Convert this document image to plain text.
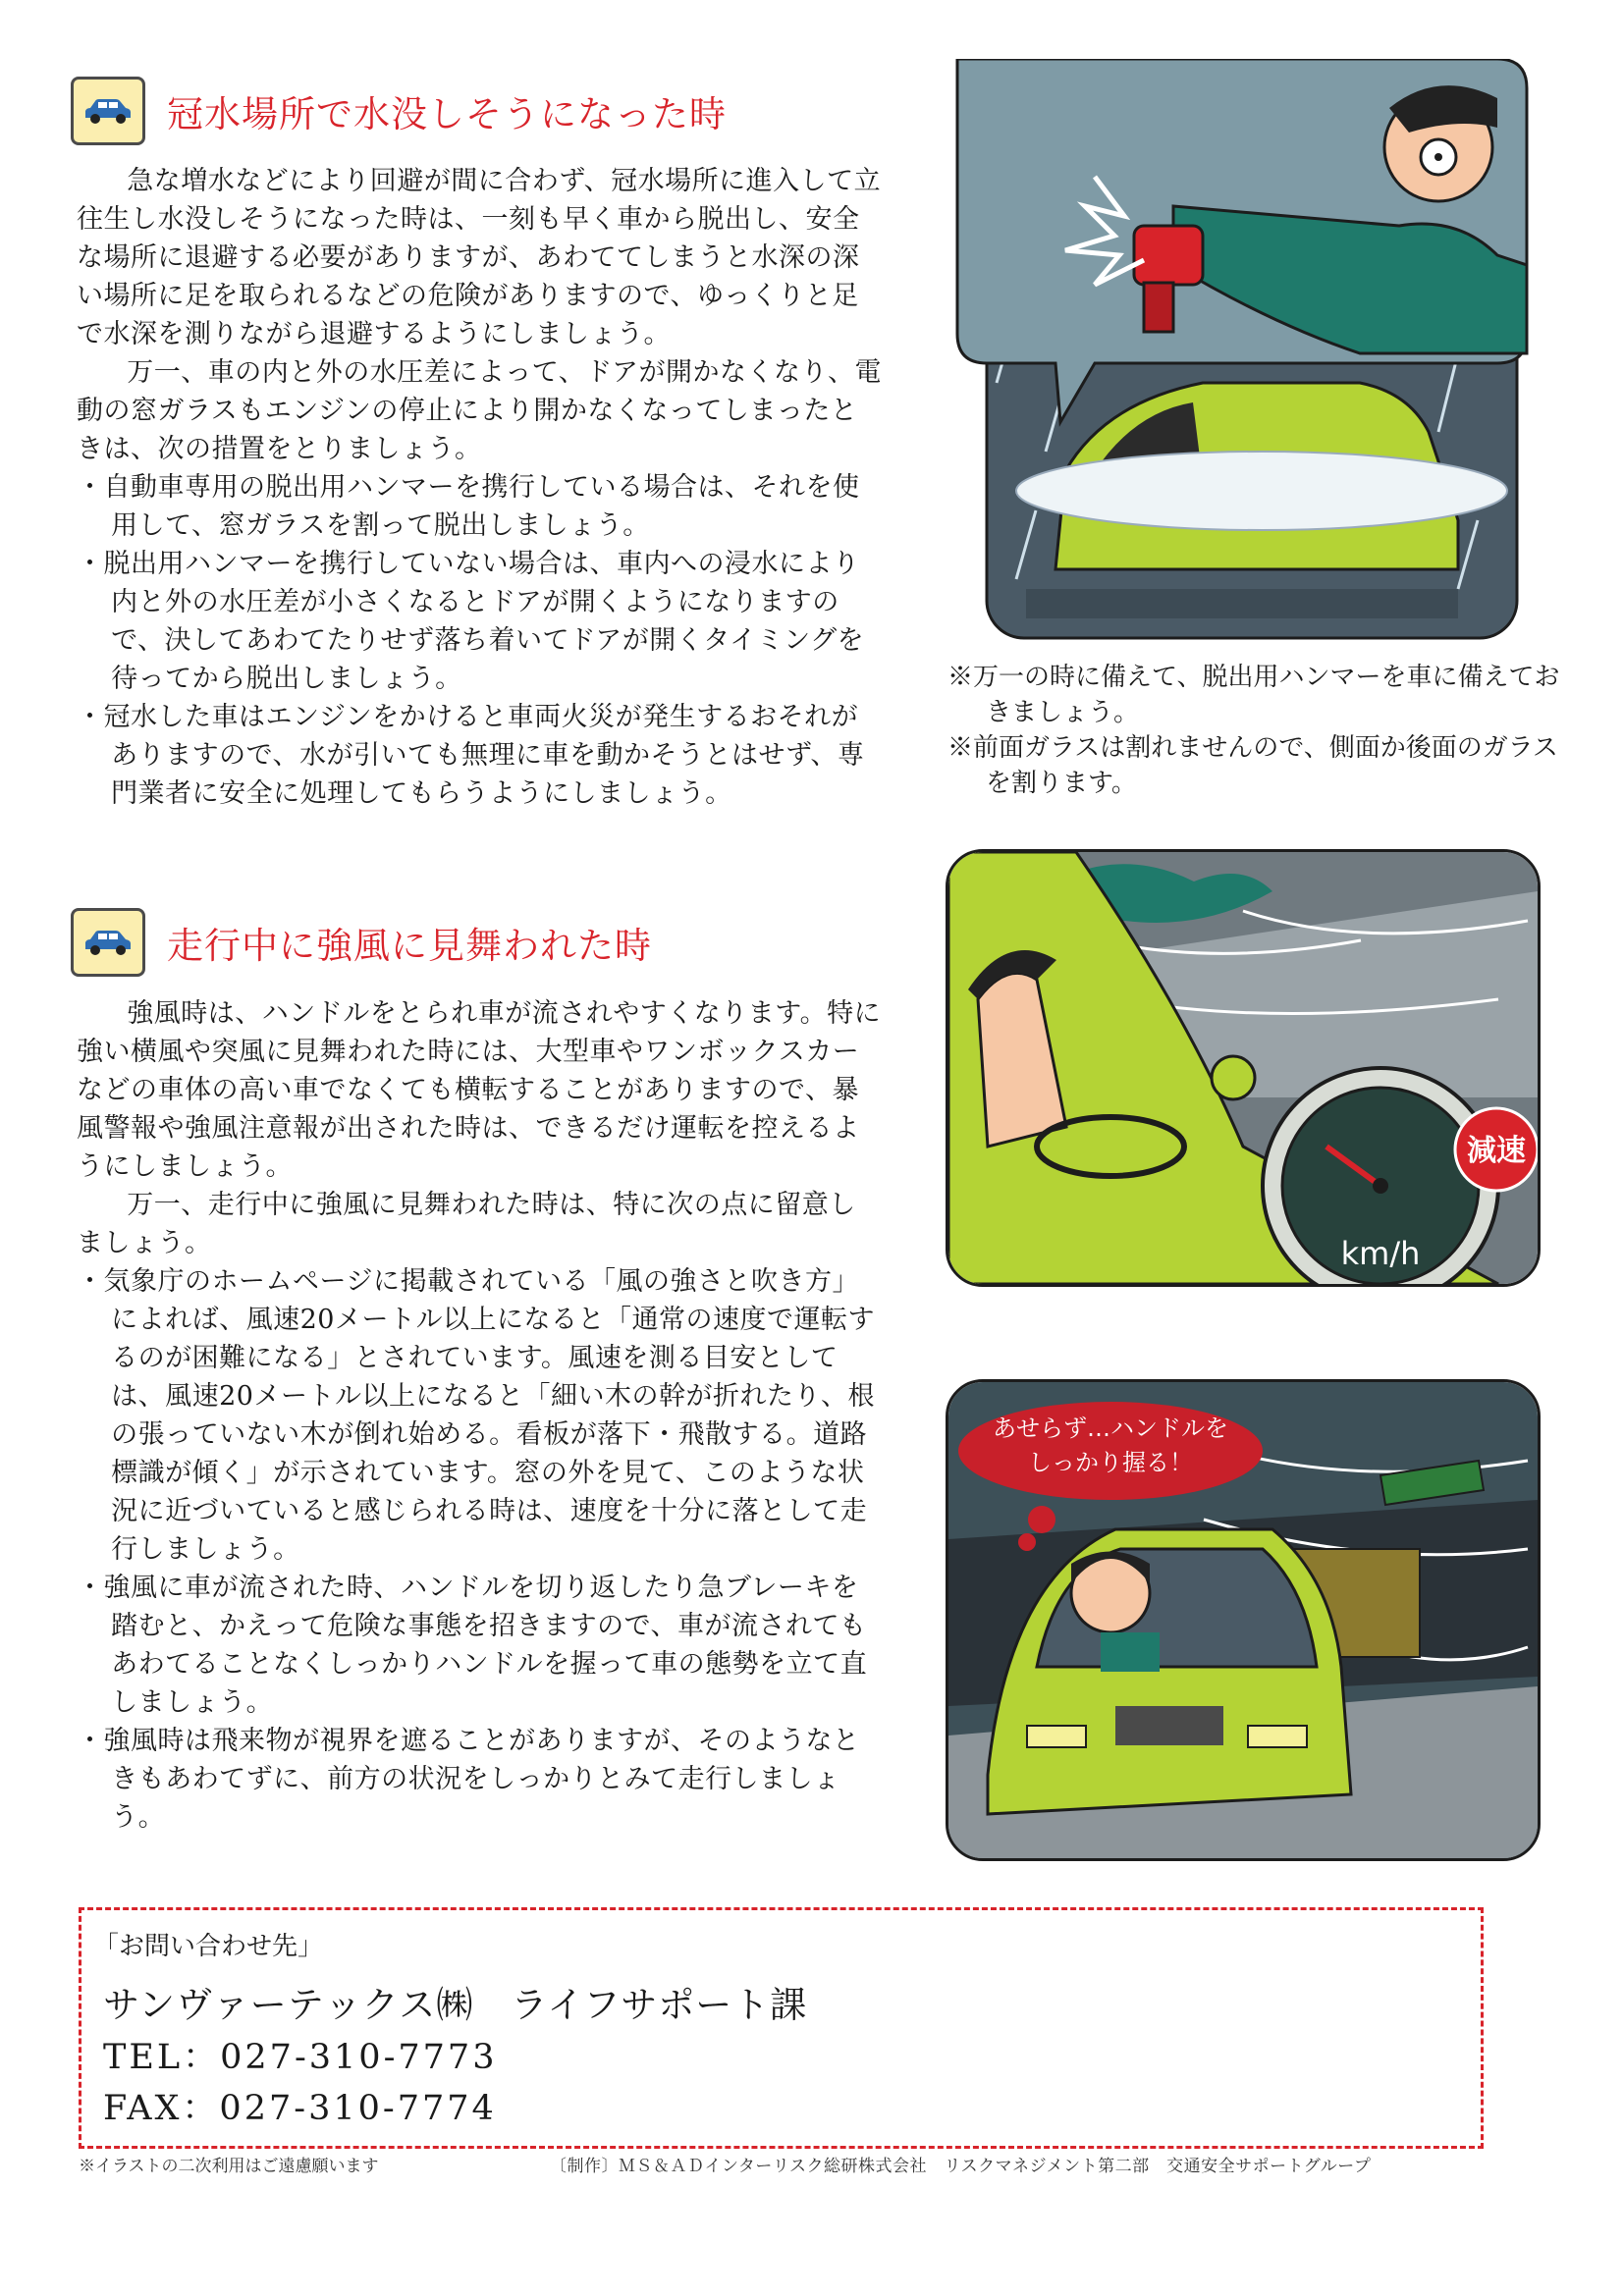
冠水場所で水没しそうになった時

急な増水などにより回避が間に合わず、冠水場所に進入して立往生し水没しそうになった時は、一刻も早く車から脱出し、安全な場所に退避する必要がありますが、あわててしまうと水深の深い場所に足を取られるなどの危険がありますので、ゆっくりと足で水深を測りながら退避するようにしましょう。

万一、車の内と外の水圧差によって、ドアが開かなくなり、電動の窓ガラスもエンジンの停止により開かなくなってしまったときは、次の措置をとりましょう。

・自動車専用の脱出用ハンマーを携行している場合は、それを使用して、窓ガラスを割って脱出しましょう。
・脱出用ハンマーを携行していない場合は、車内への浸水により内と外の水圧差が小さくなるとドアが開くようになりますので、決してあわてたりせず落ち着いてドアが開くタイミングを待ってから脱出しましょう。
・冠水した車はエンジンをかけると車両火災が発生するおそれがありますので、水が引いても無理に車を動かそうとはせず、専門業者に安全に処理してもらうようにしましょう。
※万一の時に備えて、脱出用ハンマーを車に備えておきましょう。
※前面ガラスは割れませんので、側面か後面のガラスを割ります。
走行中に強風に見舞われた時

強風時は、ハンドルをとられ車が流されやすくなります。特に強い横風や突風に見舞われた時には、大型車やワンボックスカーなどの車体の高い車でなくても横転することがありますので、暴風警報や強風注意報が出された時は、できるだけ運転を控えるようにしましょう。

万一、走行中に強風に見舞われた時は、特に次の点に留意しましょう。

・気象庁のホームページに掲載されている「風の強さと吹き方」によれば、風速20メートル以上になると「通常の速度で運転するのが困難になる」とされています。風速を測る目安としては、風速20メートル以上になると「細い木の幹が折れたり、根の張っていない木が倒れ始める。看板が落下・飛散する。道路標識が傾く」が示されています。窓の外を見て、このような状況に近づいていると感じられる時は、速度を十分に落として走行しましょう。
・強風に車が流された時、ハンドルを切り返したり急ブレーキを踏むと、かえって危険な事態を招きますので、車が流されてもあわてることなくしっかりハンドルを握って車の態勢を立て直しましょう。
・強風時は飛来物が視界を遮ることがありますが、そのようなときもあわてずに、前方の状況をしっかりとみて走行しましょう。
減速
km/h
あせらず…ハンドルを
しっかり握る！
「お問い合わせ先」
サンヴァーテックス㈱　ライフサポート課
TEL：027-310-7773
FAX：027-310-7774
※イラストの二次利用はご遠慮願います	〔制作〕ＭＳ＆ＡＤインターリスク総研株式会社　リスクマネジメント第二部　交通安全サポートグループ
